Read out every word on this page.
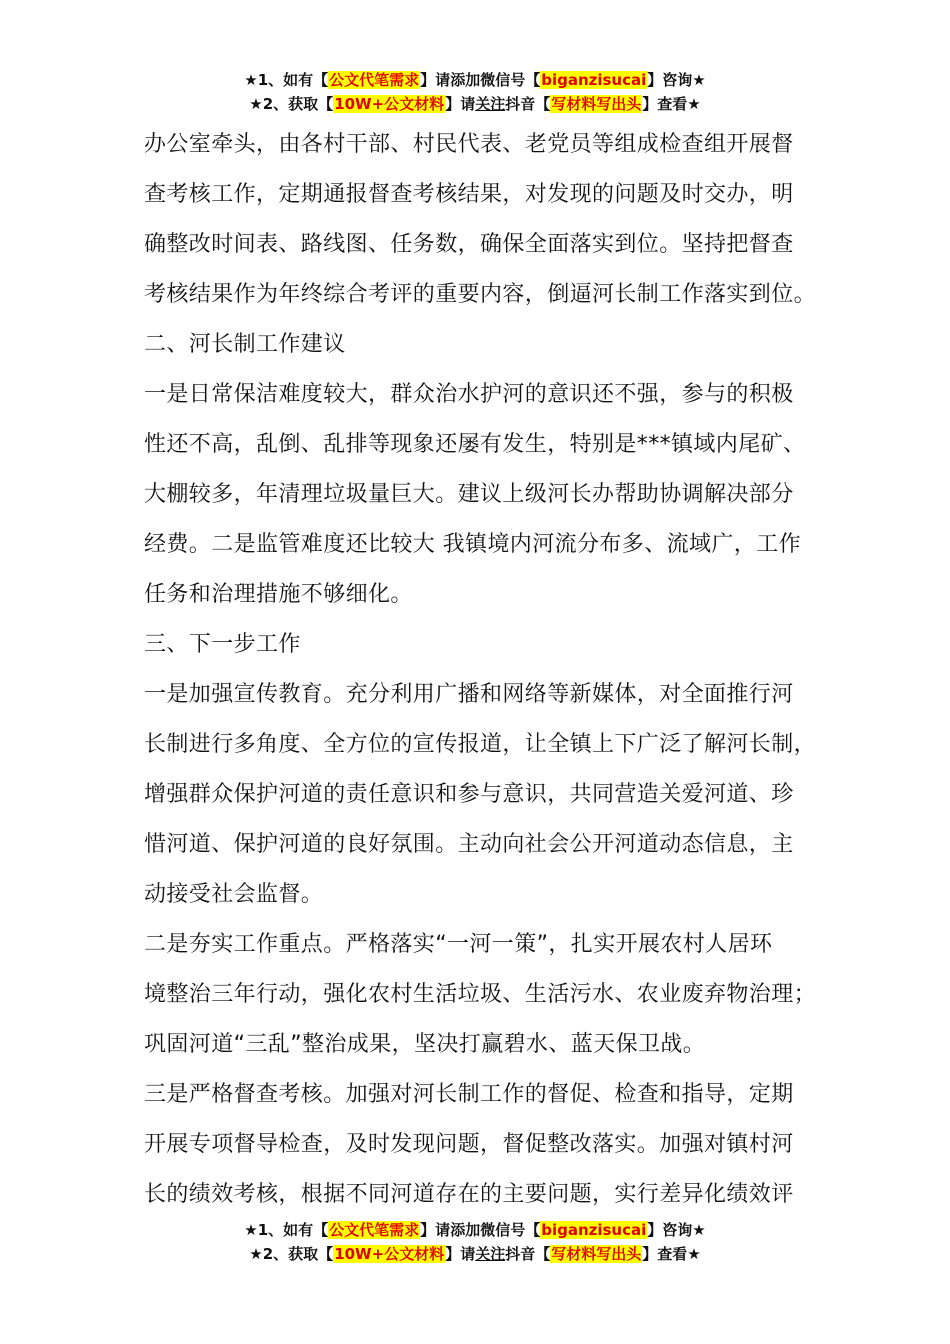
★1、如有【公文代笔需求】请添加微信号【biganzisucai】咨询★
★2、获取【10W+公文材料】请关注抖音【写材料写出头】查看★

办公室牵头，由各村干部、村民代表、老党员等组成检查组开展督

查考核工作，定期通报督查考核结果，对发现的问题及时交办，明

确整改时间表、路线图、任务数，确保全面落实到位。坚持把督查

考核结果作为年终综合考评的重要内容，倒逼河长制工作落实到位。

二、河长制工作建议

一是日常保洁难度较大，群众治水护河的意识还不强，参与的积极

性还不高，乱倒、乱排等现象还屡有发生，特别是***镇域内尾矿、

大棚较多，年清理垃圾量巨大。建议上级河长办帮助协调解决部分

经费。二是监管难度还比较大 我镇境内河流分布多、流域广，工作

任务和治理措施不够细化。

三、下一步工作

一是加强宣传教育。充分利用广播和网络等新媒体，对全面推行河

长制进行多角度、全方位的宣传报道，让全镇上下广泛了解河长制，

增强群众保护河道的责任意识和参与意识，共同营造关爱河道、珍

惜河道、保护河道的良好氛围。主动向社会公开河道动态信息，主

动接受社会监督。

二是夯实工作重点。严格落实“一河一策”，扎实开展农村人居环

境整治三年行动，强化农村生活垃圾、生活污水、农业废弃物治理；

巩固河道“三乱”整治成果，坚决打赢碧水、蓝天保卫战。

三是严格督查考核。加强对河长制工作的督促、检查和指导，定期

开展专项督导检查，及时发现问题，督促整改落实。加强对镇村河

长的绩效考核，根据不同河道存在的主要问题，实行差异化绩效评

★1、如有【公文代笔需求】请添加微信号【biganzisucai】咨询★
★2、获取【10W+公文材料】请关注抖音【写材料写出头】查看★
